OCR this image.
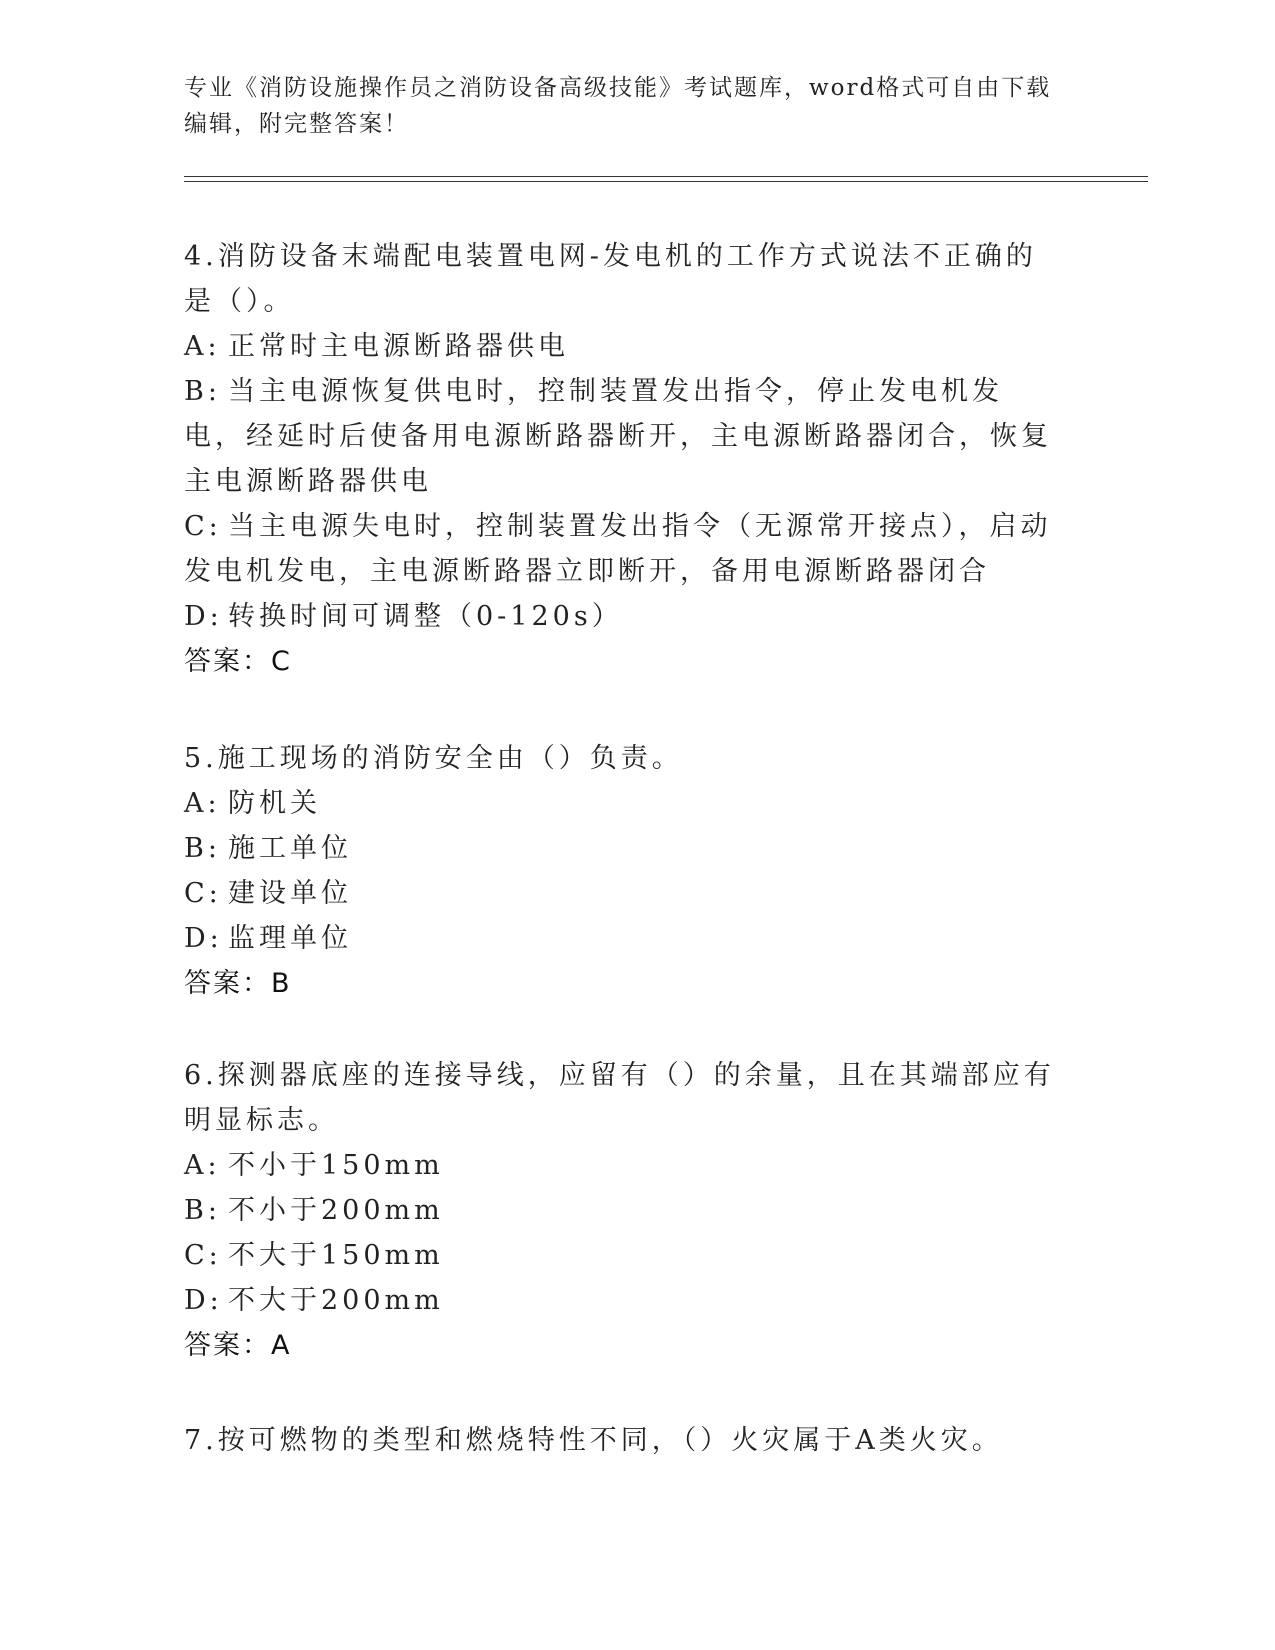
专业《消防设施操作员之消防设备高级技能》考试题库，word格式可自由下载编辑，附完整答案！

4.消防设备末端配电装置电网-发电机的工作方式说法不正确的是（）。

A: 正常时主电源断路器供电

B: 当主电源恢复供电时，控制装置发出指令，停止发电机发电，经延时后使备用电源断路器断开，主电源断路器闭合，恢复主电源断路器供电

C: 当主电源失电时，控制装置发出指令（无源常开接点），启动发电机发电，主电源断路器立即断开，备用电源断路器闭合

D: 转换时间可调整（0-120s）

答案：C

5.施工现场的消防安全由（）负责。

A: 防机关

B: 施工单位

C: 建设单位

D: 监理单位

答案：B

6.探测器底座的连接导线，应留有（）的余量，且在其端部应有明显标志。

A: 不小于150mm

B: 不小于200mm

C: 不大于150mm

D: 不大于200mm

答案：A

7.按可燃物的类型和燃烧特性不同，（）火灾属于A类火灾。
